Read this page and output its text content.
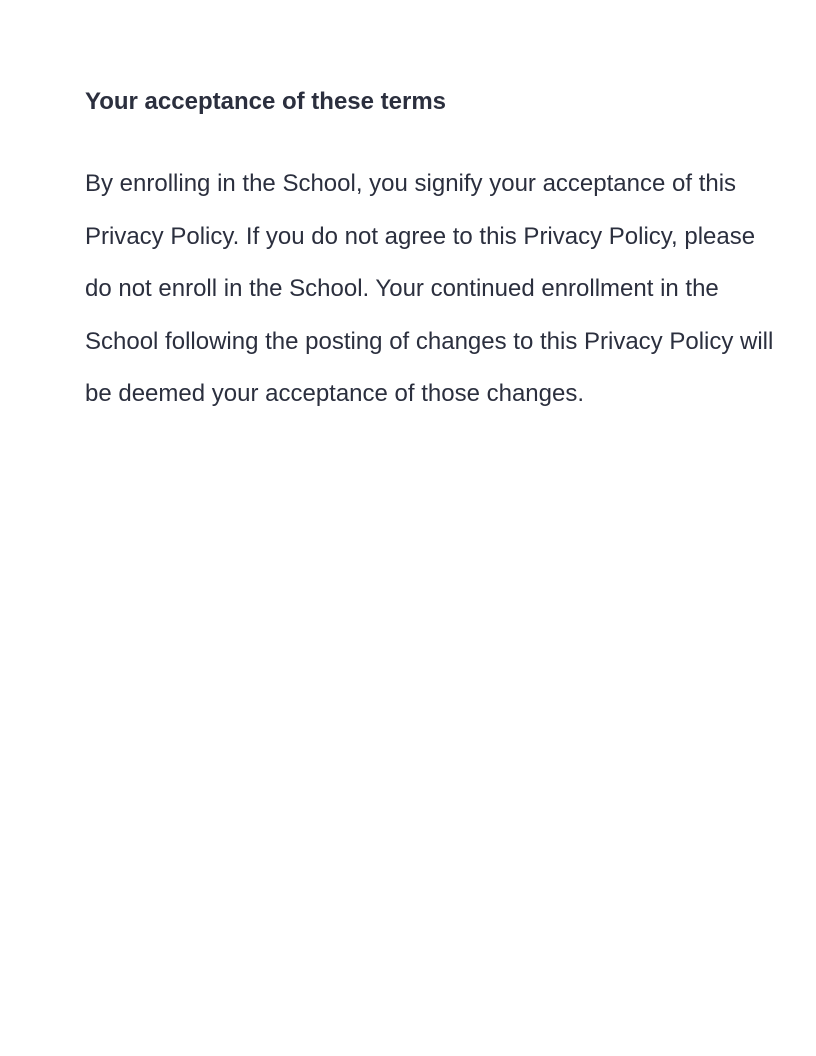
Your acceptance of these terms

By enrolling in the School, you signify your acceptance of this Privacy Policy. If you do not agree to this Privacy Policy, please do not enroll in the School. Your continued enrollment in the School following the posting of changes to this Privacy Policy will be deemed your acceptance of those changes.
